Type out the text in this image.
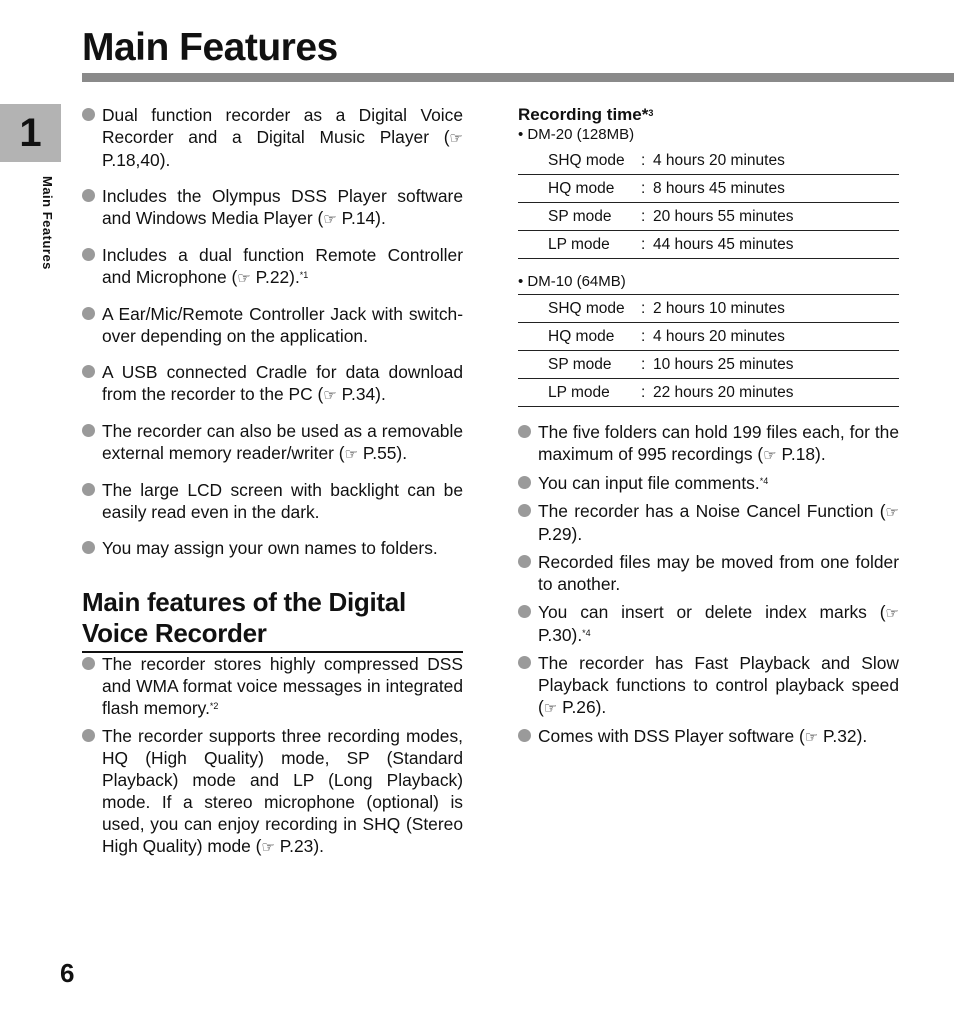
Main Features
1
Main Features
6
Dual function recorder as a Digital Voice Recorder and a Digital Music Player (☞ P.18,40).
Includes the Olympus DSS Player software and Windows Media Player (☞ P.14).
Includes a dual function Remote Controller and Microphone (☞ P.22).$^{*1}$
A Ear/Mic/Remote Controller Jack with switch-over depending on the application.
A USB connected Cradle for data download from the recorder to the PC (☞ P.34).
The recorder can also be used as a removable external memory reader/writer (☞ P.55).
The large LCD screen with backlight can be easily read even in the dark.
You may assign your own names to folders.
Main features of the Digital Voice Recorder
The recorder stores highly compressed DSS and WMA format voice messages in integrated flash memory.$^{*2}$
The recorder supports three recording modes, HQ (High Quality) mode, SP (Standard Playback) mode and LP (Long Playback) mode. If a stereo microphone (optional) is used, you can enjoy recording in SHQ (Stereo High Quality) mode (☞ P.23).

Recording time*$^3$

• DM-20 (128MB)

SHQ mode	:	4 hours 20 minutes
HQ mode	:	8 hours 45 minutes
SP mode	:	20 hours 55 minutes
LP mode	:	44 hours 45 minutes

• DM-10 (64MB)

SHQ mode	:	2 hours 10 minutes
HQ mode	:	4 hours 20 minutes
SP mode	:	10 hours 25 minutes
LP mode	:	22 hours 20 minutes
The five folders can hold 199 files each, for the maximum of 995 recordings (☞ P.18).
You can input file comments.$^{*4}$
The recorder has a Noise Cancel Function (☞ P.29).
Recorded files may be moved from one folder to another.
You can insert or delete index marks (☞ P.30).$^{*4}$
The recorder has Fast Playback and Slow Playback functions to control playback speed (☞ P.26).
Comes with DSS Player software (☞ P.32).
